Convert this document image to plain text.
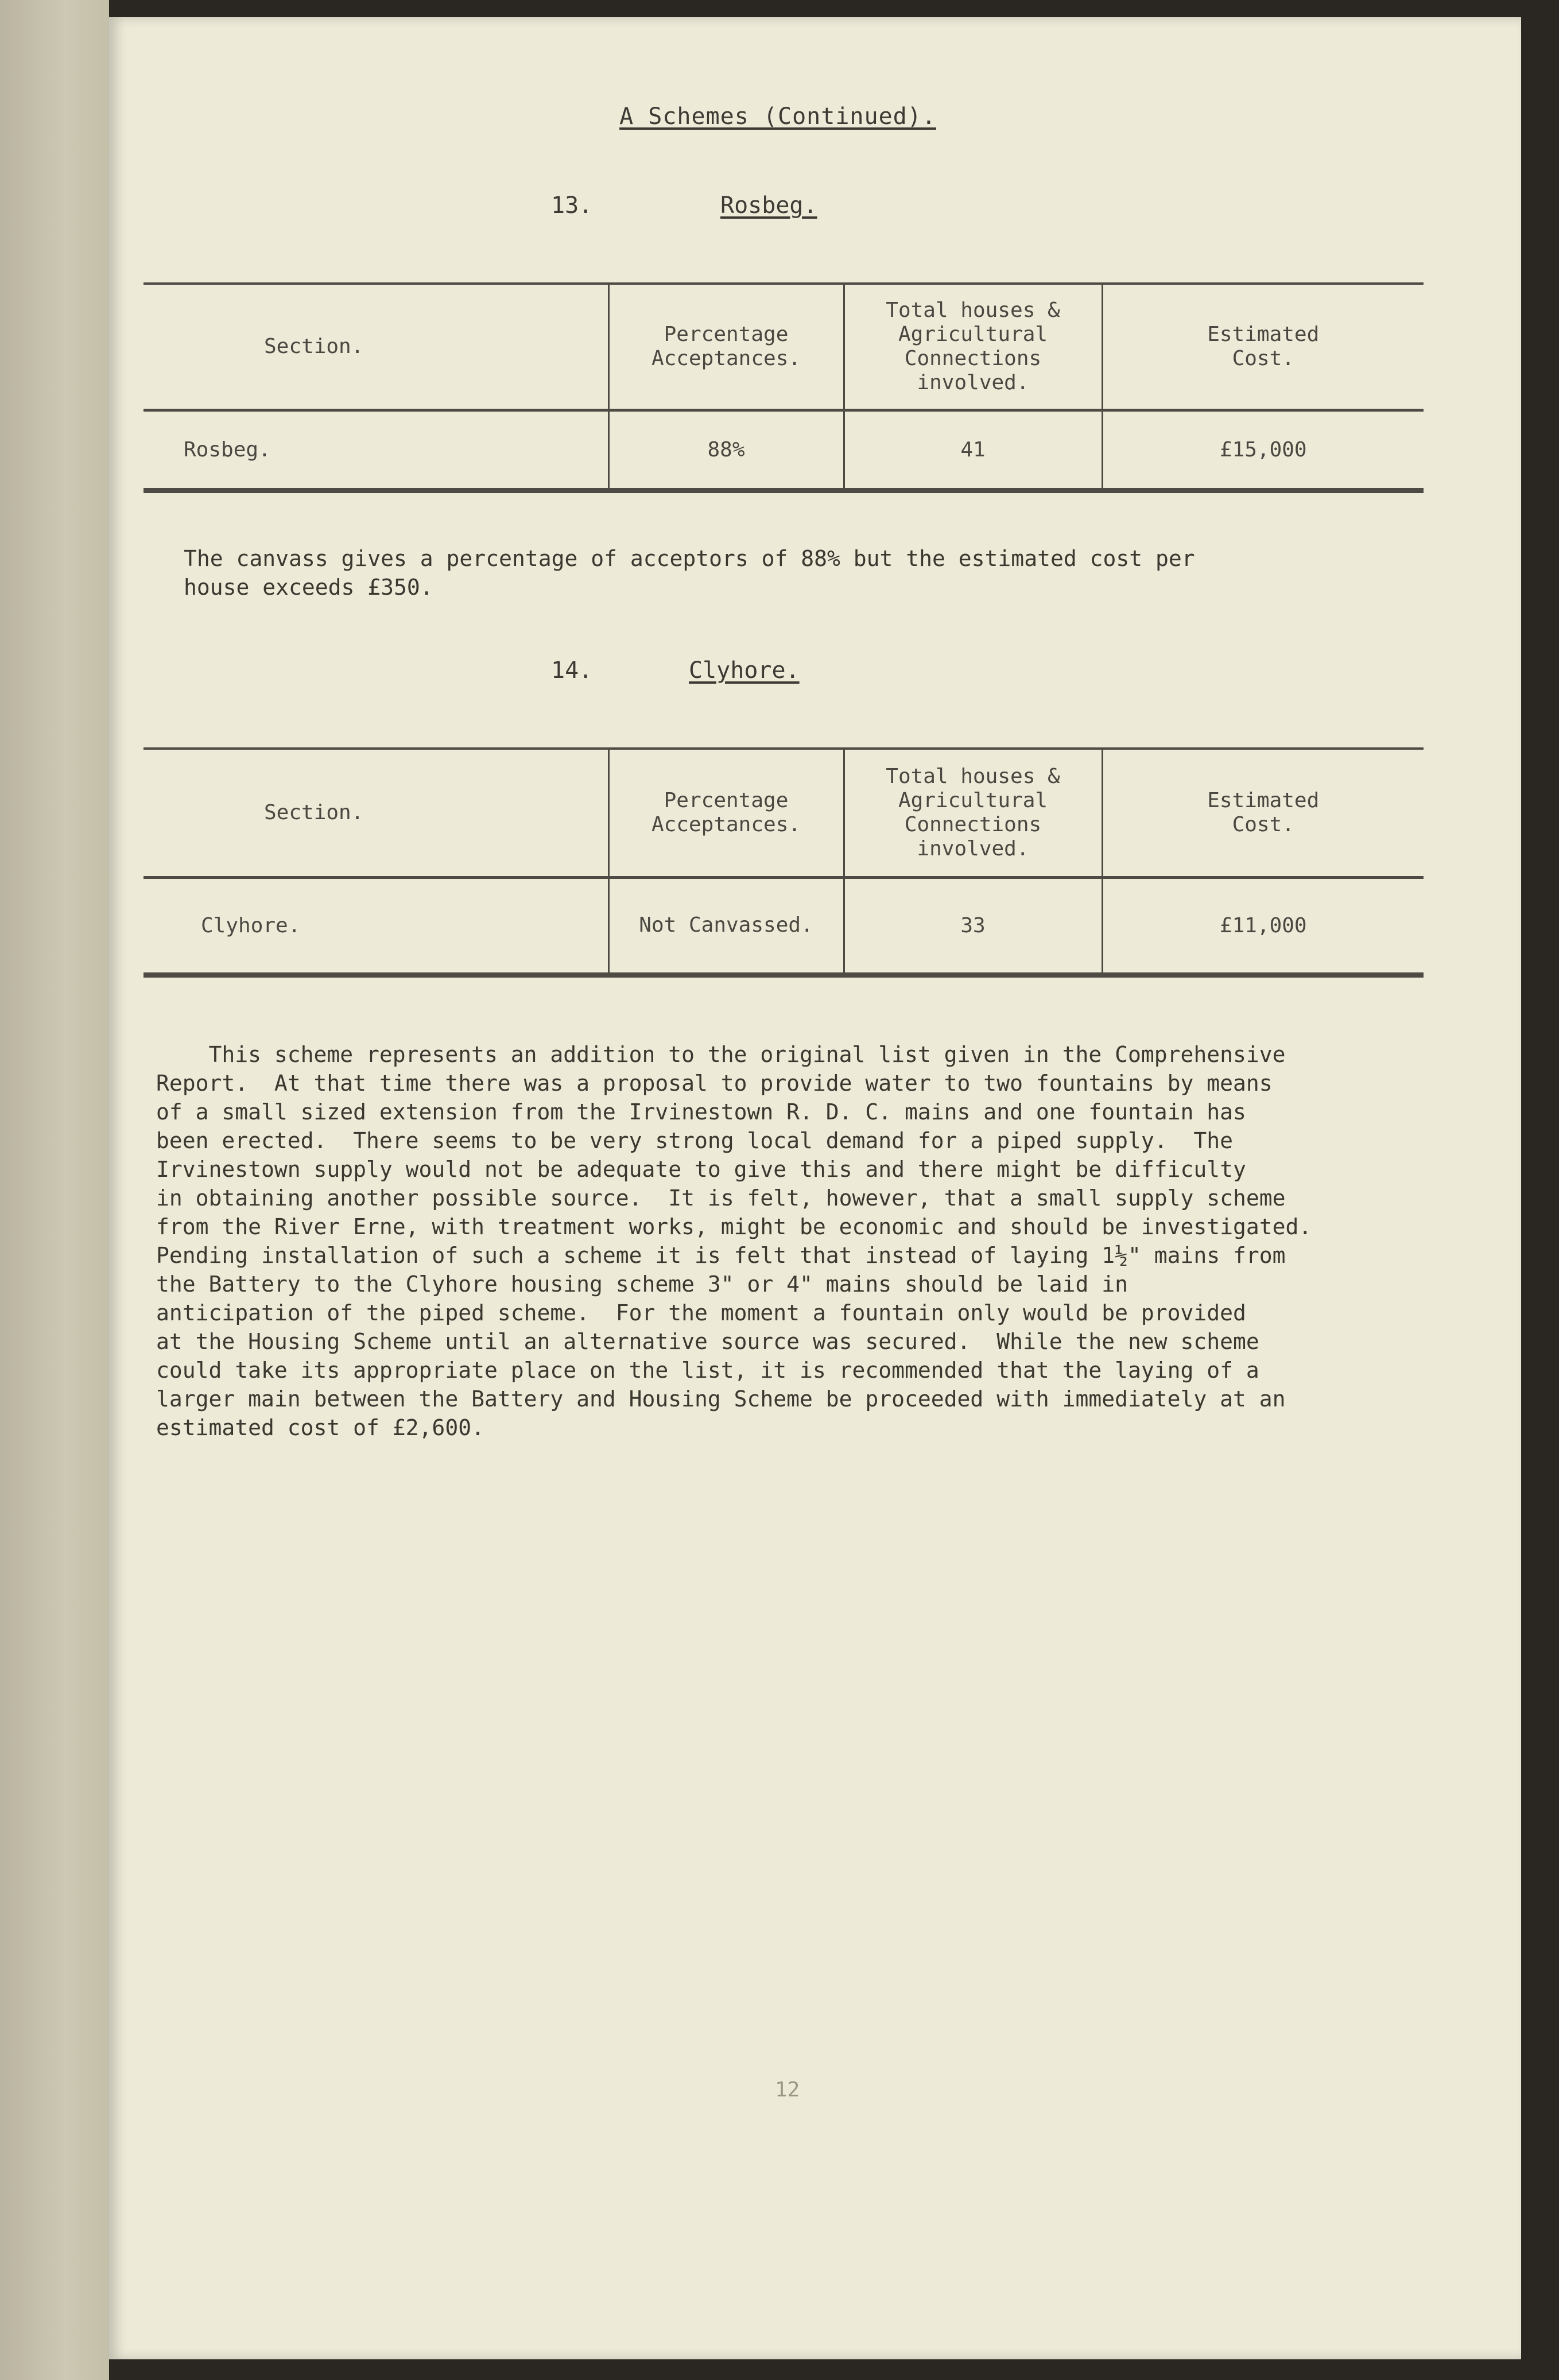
A Schemes (Continued).
13.	Rosbeg.
Section.	Percentage Acceptances.	Total houses & Agricultural Connections involved.	Estimated Cost.
Rosbeg.	88%	41	£15,000
The canvass gives a percentage of acceptors of 88% but the estimated cost per
house exceeds £350.
14.	Clyhore.
Section.	Percentage Acceptances.	Total houses & Agricultural Connections involved.	Estimated Cost.
Clyhore.	Not Canvassed.	33	£11,000
This scheme represents an addition to the original list given in the Comprehensive
Report.  At that time there was a proposal to provide water to two fountains by means
of a small sized extension from the Irvinestown R. D. C. mains and one fountain has
been erected.  There seems to be very strong local demand for a piped supply.  The
Irvinestown supply would not be adequate to give this and there might be difficulty
in obtaining another possible source.  It is felt, however, that a small supply scheme
from the River Erne, with treatment works, might be economic and should be investigated.
Pending installation of such a scheme it is felt that instead of laying 1½" mains from
the Battery to the Clyhore housing scheme 3" or 4" mains should be laid in
anticipation of the piped scheme.  For the moment a fountain only would be provided
at the Housing Scheme until an alternative source was secured.  While the new scheme
could take its appropriate place on the list, it is recommended that the laying of a
larger main between the Battery and Housing Scheme be proceeded with immediately at an
estimated cost of £2,600.
12
